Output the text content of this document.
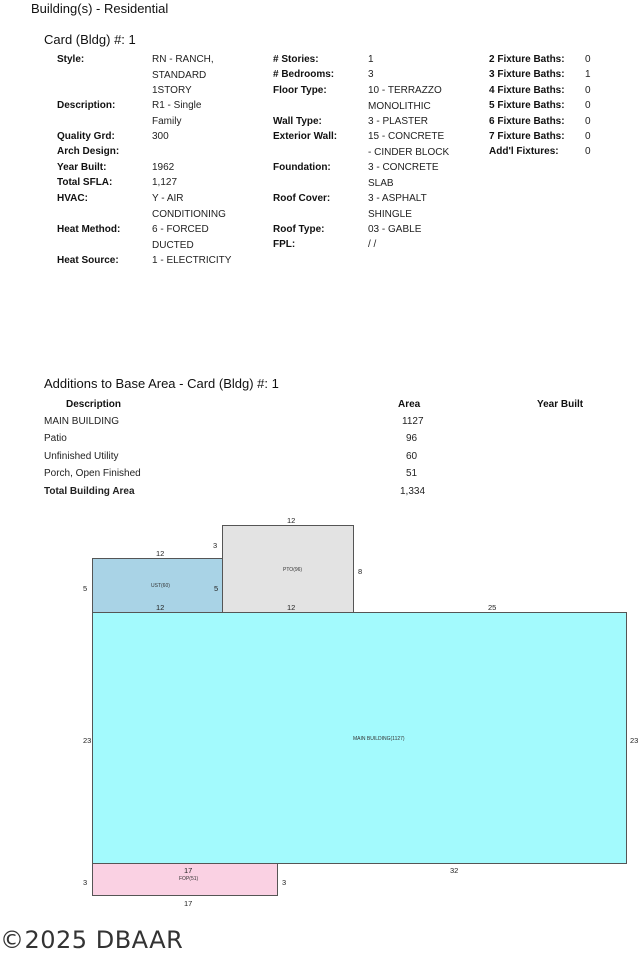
Building(s) - Residential
Card (Bldg) #: 1
Style:	RN - RANCH,
STANDARD
1STORY
Description:	R1 - Single
Family
Quality Grd:	300
Arch Design:
Year Built:	1962
Total SFLA:	1,127
HVAC:	Y - AIR
CONDITIONING
Heat Method:	6 - FORCED
DUCTED
Heat Source:	1 - ELECTRICITY
# Stories:	1
# Bedrooms:	3
Floor Type:	10 - TERRAZZO
MONOLITHIC
Wall Type:	3 - PLASTER
Exterior Wall:	15 - CONCRETE
- CINDER BLOCK
Foundation:	3 - CONCRETE
SLAB
Roof Cover:	3 - ASPHALT
SHINGLE
Roof Type:	03 - GABLE
FPL:	/ /
2 Fixture Baths: 0
3 Fixture Baths: 1
4 Fixture Baths: 0
5 Fixture Baths: 0
6 Fixture Baths: 0
7 Fixture Baths: 0
Add'l Fixtures:	0
Additions to Base Area - Card (Bldg) #: 1
Description	Area	Year Built
MAIN BUILDING	1127
Patio	96
Unfinished Utility	60
Porch, Open Finished	51
Total Building Area	1,334
UST(60)
PTO(96)
MAIN BUILDING(1127)
FOP(51)
12
5	5
12
12
3
8
12	25
23	23
32
17
3	3
17
©2025 DBAAR
